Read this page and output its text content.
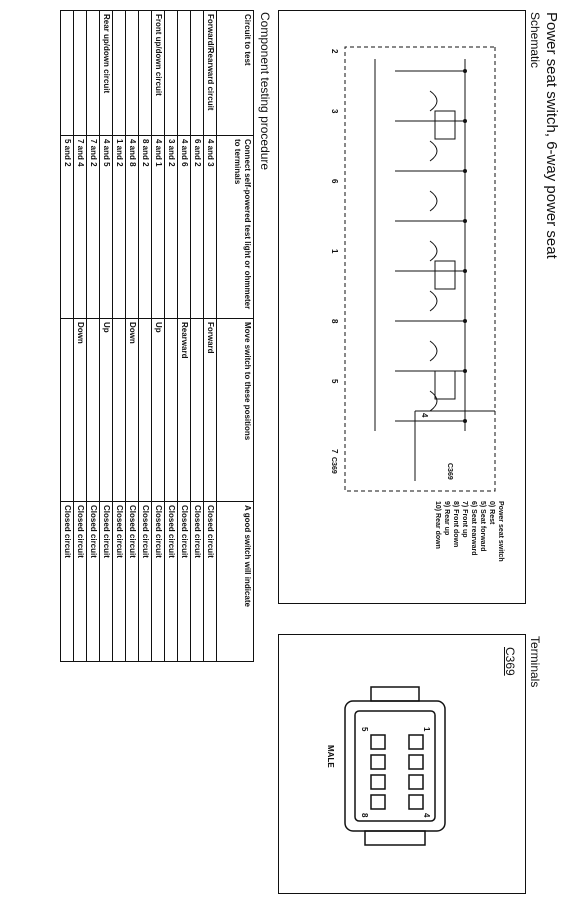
Power seat switch, 6-way power seat
Schematic
2
3
6
1
8
5
7
4
C369
C369
Power seat switch
0) Rest
5) Seat forward
6) Seat rearward
7) Front up
8) Front down
9) Rear up
10) Rear down
Terminals
C369
1
4
5
8
MALE
Component testing procedure
Circuit to test	Connect self-powered test light or ohmmeter to terminals	Move switch to these positions	A good switch will indicate
Forward/Rearward circuit	4 and 3	Forward	Closed circuit
	6 and 2		Closed circuit
	4 and 6	Rearward	Closed circuit
	3 and 2		Closed circuit
Front up/down circuit	4 and 1	Up	Closed circuit
	8 and 2		Closed circuit
	4 and 8	Down	Closed circuit
	1 and 2		Closed circuit
Rear up/down circuit	4 and 5	Up	Closed circuit
	7 and 2		Closed circuit
	7 and 4	Down	Closed circuit
	5 and 2		Closed circuit
